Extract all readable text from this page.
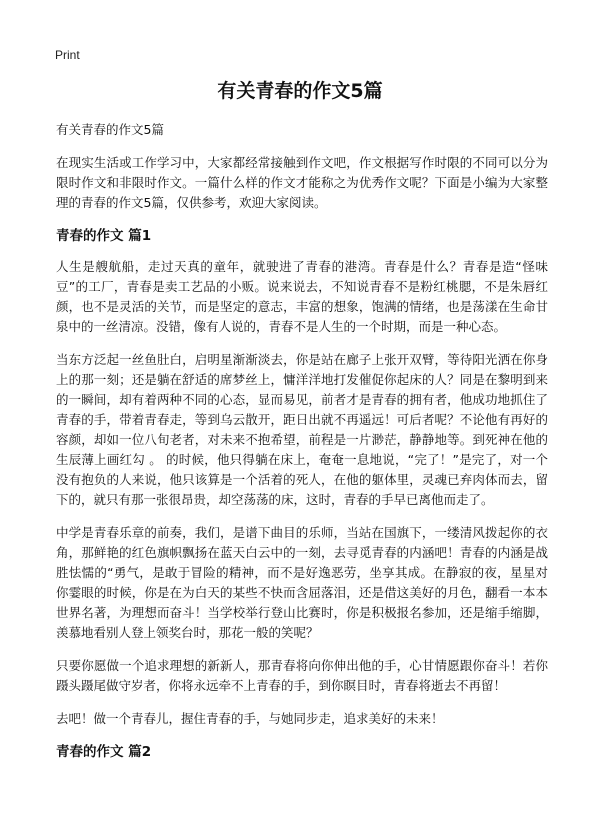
Print
有关青春的作文5篇

有关青春的作文5篇

在现实生活或工作学习中，大家都经常接触到作文吧，作文根据写作时限的不同可以分为限时作文和非限时作文。一篇什么样的作文才能称之为优秀作文呢？下面是小编为大家整理的青春的作文5篇，仅供参考，欢迎大家阅读。

青春的作文 篇1

人生是艘航船，走过天真的童年，就驶进了青春的港湾。青春是什么？青春是造“怪味豆”的工厂，青春是卖工艺品的小贩。说来说去，不知说青春不是粉红桃腮，不是朱唇红颜，也不是灵活的关节，而是坚定的意志，丰富的想象，饱满的情绪，也是荡漾在生命甘泉中的一丝清凉。没错，像有人说的，青春不是人生的一个时期，而是一种心态。

当东方泛起一丝鱼肚白，启明星渐渐淡去，你是站在廊子上张开双臂，等待阳光洒在你身上的那一刻；还是躺在舒适的席梦丝上，慵洋洋地打发催促你起床的人？同是在黎明到来的一瞬间，却有着两种不同的心态，显而易见，前者才是青春的拥有者，他成功地抓住了青春的手，带着青春走，等到乌云散开，距日出就不再遥远！可后者呢？不论他有再好的容颜，却如一位八旬老者，对未来不抱希望，前程是一片渺茫，静静地等。到死神在他的生辰薄上画红勾 。 的时候，他只得躺在床上，奄奄一息地说，“完了！”是完了，对一个没有抱负的人来说，他只该算是一个活着的死人，在他的躯体里，灵魂已弃肉体而去，留下的，就只有那一张很昂贵，却空荡荡的床，这时，青春的手早已离他而走了。

中学是青春乐章的前奏，我们，是谱下曲目的乐师，当站在国旗下，一缕清风拨起你的衣角，那鲜艳的红色旗帜飘扬在蓝天白云中的一刻，去寻觅青春的内涵吧！青春的内涵是战胜怯懦的“勇气，是敢于冒险的精神，而不是好逸恶劳，坐享其成。在静寂的夜，星星对你霎眼的时候，你是在为白天的某些不快而含屈落泪，还是借这美好的月色，翻看一本本世界名著，为理想而奋斗！当学校举行登山比赛时，你是积极报名参加，还是缩手缩脚，羡慕地看别人登上领奖台时，那花一般的笑呢？

只要你愿做一个追求理想的新新人，那青春将向你伸出他的手，心甘情愿跟你奋斗！若你蹑头蹑尾做守岁者，你将永远牵不上青春的手，到你瞑目时，青春将逝去不再留！

去吧！做一个青春儿，握住青春的手，与她同步走，追求美好的未来！

青春的作文 篇2
